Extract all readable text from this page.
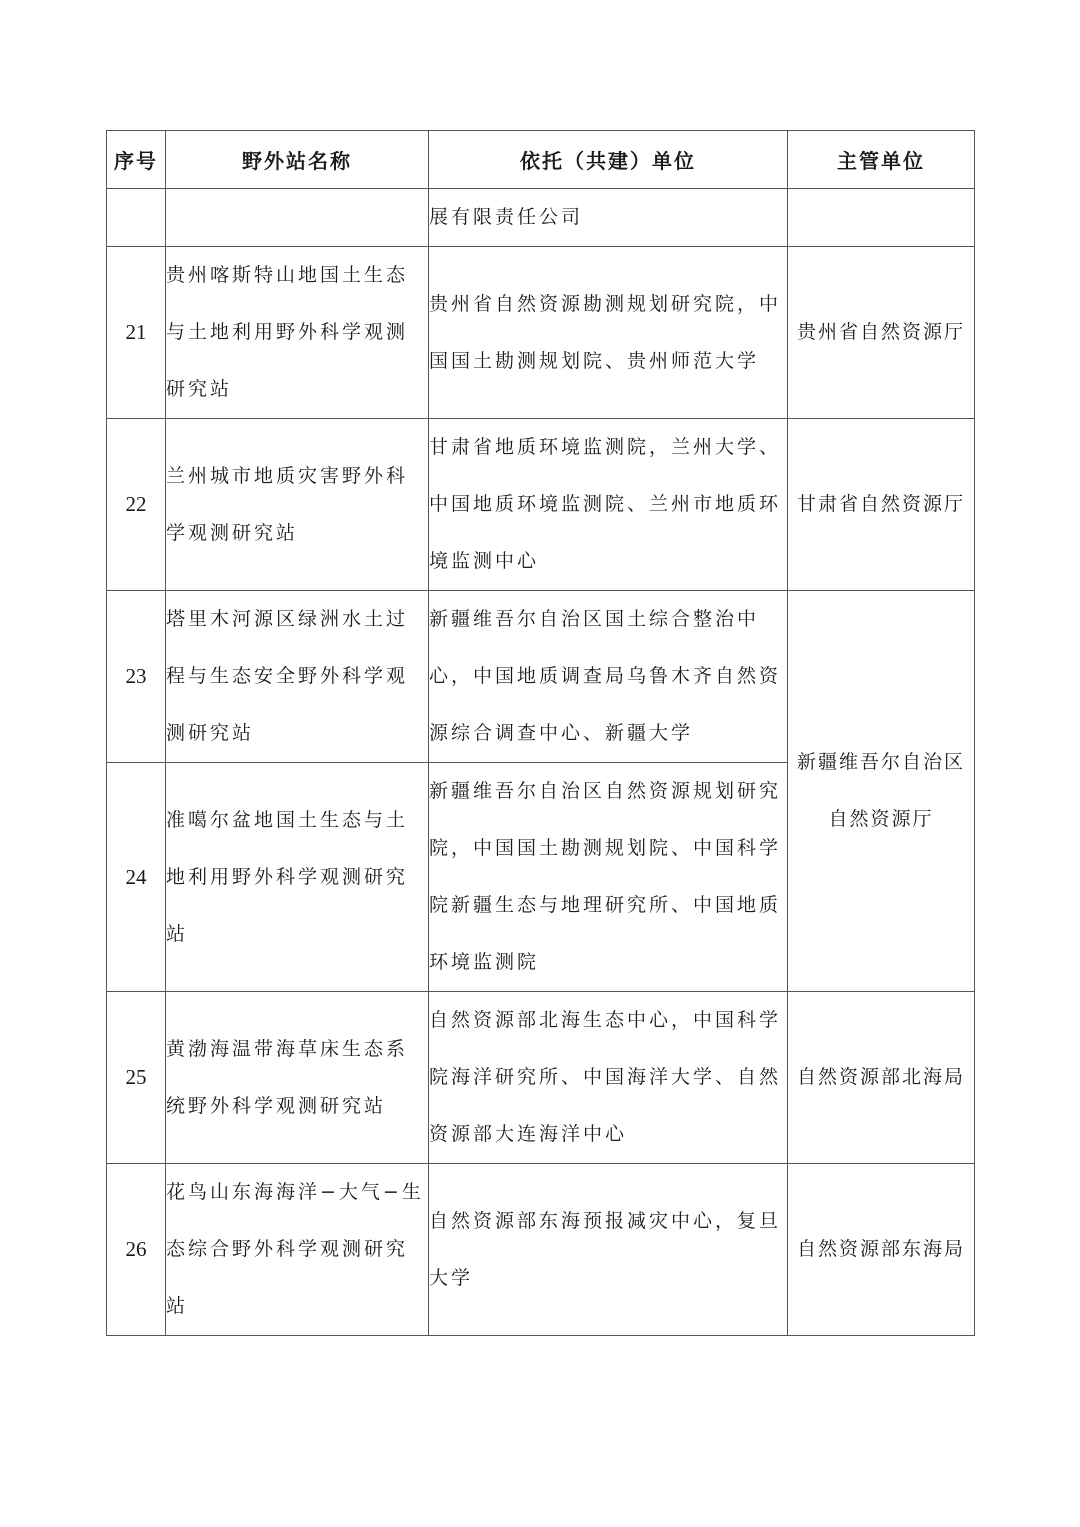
序号	野外站名称	依托（共建）单位	主管单位

		展有限责任公司	

21	贵州喀斯特山地国土生态
与土地利用野外科学观测
研究站	贵州省自然资源勘测规划研究院，中
国国土勘测规划院、贵州师范大学	贵州省自然资源厅

22	兰州城市地质灾害野外科
学观测研究站	甘肃省地质环境监测院，兰州大学、
中国地质环境监测院、兰州市地质环
境监测中心	甘肃省自然资源厅

23	塔里木河源区绿洲水土过
程与生态安全野外科学观
测研究站	新疆维吾尔自治区国土综合整治中
心，中国地质调查局乌鲁木齐自然资
源综合调查中心、新疆大学	新疆维吾尔自治区
自然资源厅

24	准噶尔盆地国土生态与土
地利用野外科学观测研究
站	新疆维吾尔自治区自然资源规划研究
院，中国国土勘测规划院、中国科学
院新疆生态与地理研究所、中国地质
环境监测院	

25	黄渤海温带海草床生态系
统野外科学观测研究站	自然资源部北海生态中心，中国科学
院海洋研究所、中国海洋大学、自然
资源部大连海洋中心	自然资源部北海局

26	花鸟山东海海洋−大气−生
态综合野外科学观测研究
站	自然资源部东海预报减灾中心，复旦
大学	自然资源部东海局
